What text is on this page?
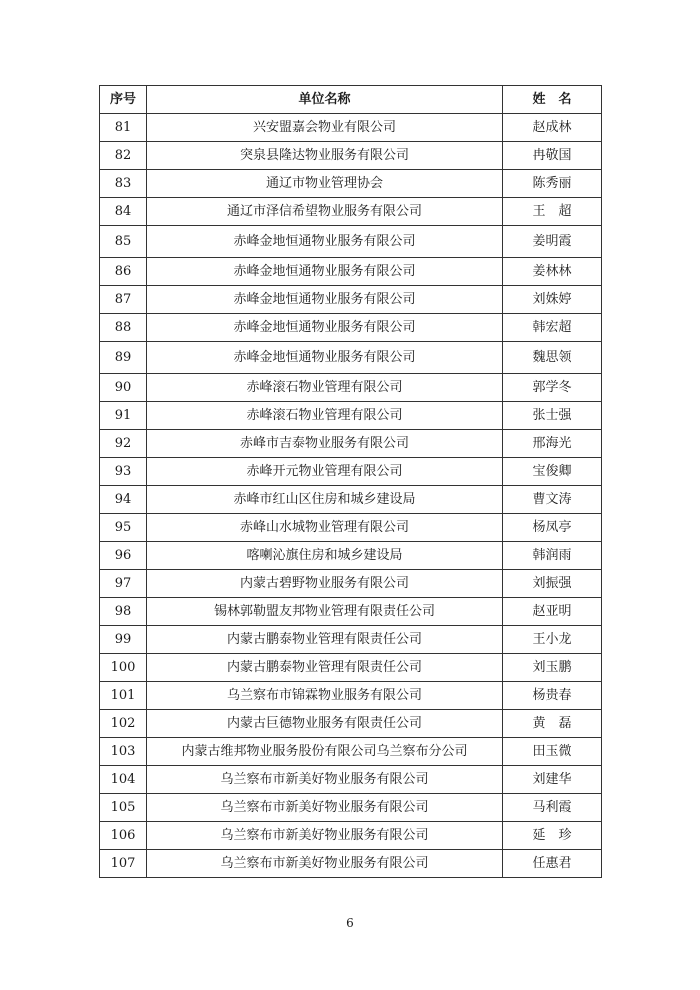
序号	单位名称	姓　名
81	兴安盟嘉会物业有限公司	赵成林
82	突泉县隆达物业服务有限公司	冉敬国
83	通辽市物业管理协会	陈秀丽
84	通辽市泽信希望物业服务有限公司	王　超
85	赤峰金地恒通物业服务有限公司	姜明霞
86	赤峰金地恒通物业服务有限公司	姜林林
87	赤峰金地恒通物业服务有限公司	刘姝婷
88	赤峰金地恒通物业服务有限公司	韩宏超
89	赤峰金地恒通物业服务有限公司	魏思领
90	赤峰滚石物业管理有限公司	郭学冬
91	赤峰滚石物业管理有限公司	张士强
92	赤峰市吉泰物业服务有限公司	邢海光
93	赤峰开元物业管理有限公司	宝俊卿
94	赤峰市红山区住房和城乡建设局	曹文涛
95	赤峰山水城物业管理有限公司	杨凤亭
96	喀喇沁旗住房和城乡建设局	韩润雨
97	内蒙古碧野物业服务有限公司	刘振强
98	锡林郭勒盟友邦物业管理有限责任公司	赵亚明
99	内蒙古鹏泰物业管理有限责任公司	王小龙
100	内蒙古鹏泰物业管理有限责任公司	刘玉鹏
101	乌兰察布市锦霖物业服务有限公司	杨贵春
102	内蒙古巨德物业服务有限责任公司	黄　磊
103	内蒙古维邦物业服务股份有限公司乌兰察布分公司	田玉微
104	乌兰察布市新美好物业服务有限公司	刘建华
105	乌兰察布市新美好物业服务有限公司	马利霞
106	乌兰察布市新美好物业服务有限公司	延　珍
107	乌兰察布市新美好物业服务有限公司	任惠君
6
